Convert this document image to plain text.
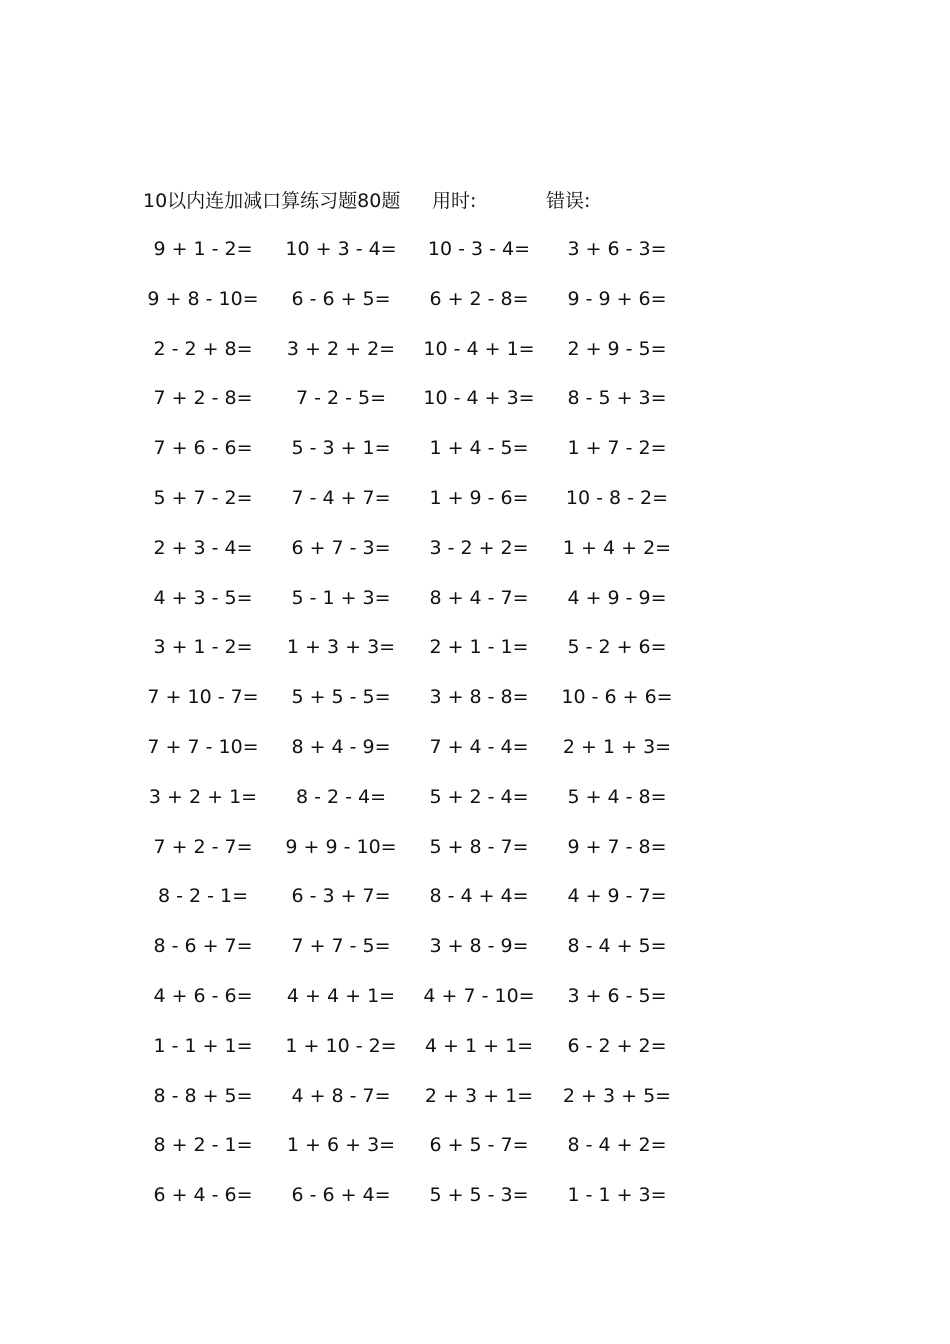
10以内连加减口算练习题80题 用时:	错误:
9 + 1 - 2=	10 + 3 - 4=	10 - 3 - 4=	3 + 6 - 3=
9 + 8 - 10=	6 - 6 + 5=	6 + 2 - 8=	9 - 9 + 6=
2 - 2 + 8=	3 + 2 + 2=	10 - 4 + 1=	2 + 9 - 5=
7 + 2 - 8=	7 - 2 - 5=	10 - 4 + 3=	8 - 5 + 3=
7 + 6 - 6=	5 - 3 + 1=	1 + 4 - 5=	1 + 7 - 2=
5 + 7 - 2=	7 - 4 + 7=	1 + 9 - 6=	10 - 8 - 2=
2 + 3 - 4=	6 + 7 - 3=	3 - 2 + 2=	1 + 4 + 2=
4 + 3 - 5=	5 - 1 + 3=	8 + 4 - 7=	4 + 9 - 9=
3 + 1 - 2=	1 + 3 + 3=	2 + 1 - 1=	5 - 2 + 6=
7 + 10 - 7=	5 + 5 - 5=	3 + 8 - 8=	10 - 6 + 6=
7 + 7 - 10=	8 + 4 - 9=	7 + 4 - 4=	2 + 1 + 3=
3 + 2 + 1=	8 - 2 - 4=	5 + 2 - 4=	5 + 4 - 8=
7 + 2 - 7=	9 + 9 - 10=	5 + 8 - 7=	9 + 7 - 8=
8 - 2 - 1=	6 - 3 + 7=	8 - 4 + 4=	4 + 9 - 7=
8 - 6 + 7=	7 + 7 - 5=	3 + 8 - 9=	8 - 4 + 5=
4 + 6 - 6=	4 + 4 + 1=	4 + 7 - 10=	3 + 6 - 5=
1 - 1 + 1=	1 + 10 - 2=	4 + 1 + 1=	6 - 2 + 2=
8 - 8 + 5=	4 + 8 - 7=	2 + 3 + 1=	2 + 3 + 5=
8 + 2 - 1=	1 + 6 + 3=	6 + 5 - 7=	8 - 4 + 2=
6 + 4 - 6=	6 - 6 + 4=	5 + 5 - 3=	1 - 1 + 3=
